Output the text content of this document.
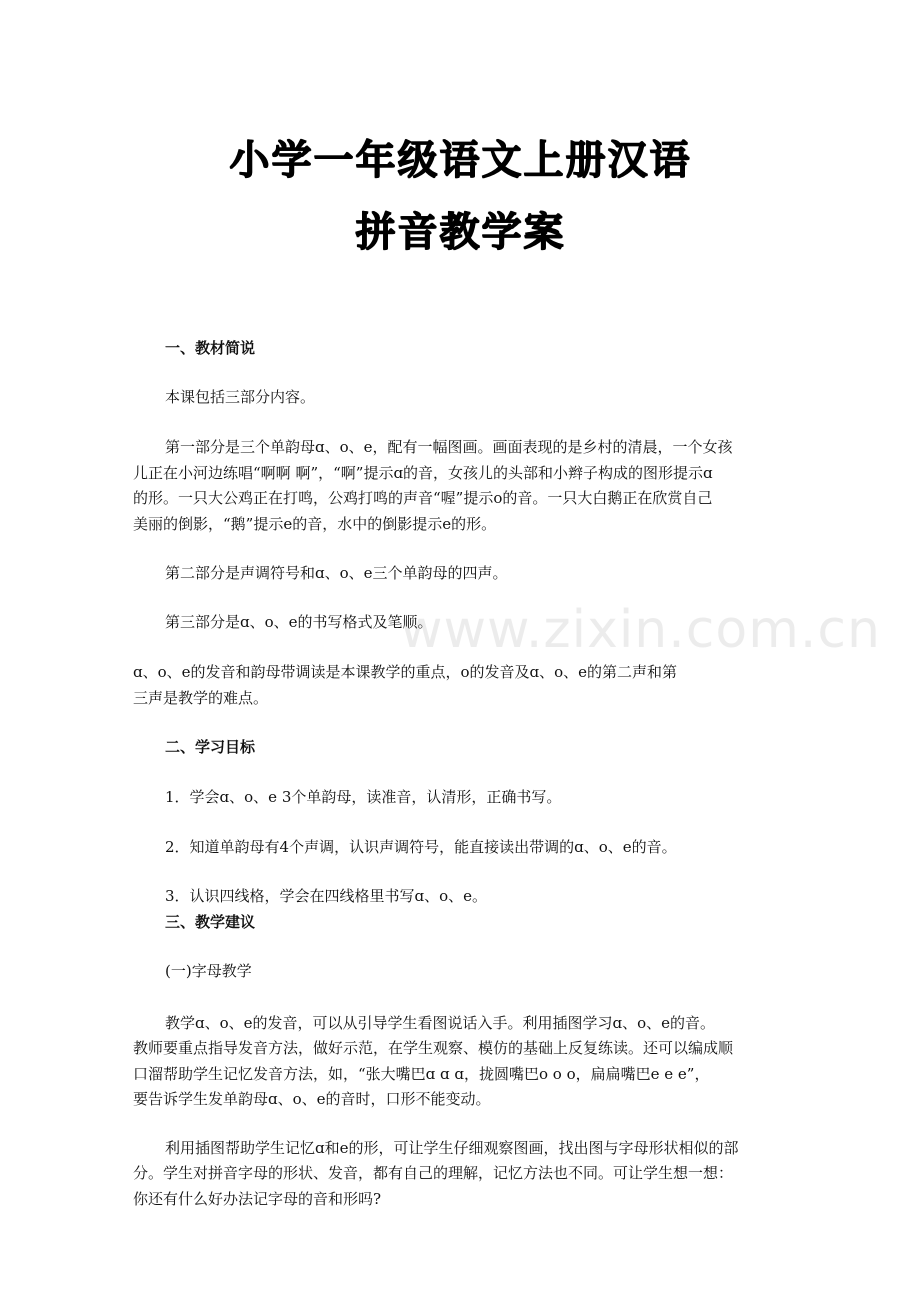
小学一年级语文上册汉语
拼音教学案
www.zixin.com.cn

一、教材简说

本课包括三部分内容。

第一部分是三个单韵母ɑ、o、e，配有一幅图画。画面表现的是乡村的清晨，一个女孩

儿正在小河边练唱“啊啊 啊”，“啊”提示ɑ的音，女孩儿的头部和小辫子构成的图形提示ɑ

的形。一只大公鸡正在打鸣，公鸡打鸣的声音“喔”提示o的音。一只大白鹅正在欣赏自己

美丽的倒影，“鹅”提示e的音，水中的倒影提示e的形。

第二部分是声调符号和ɑ、o、e三个单韵母的四声。

第三部分是ɑ、o、e的书写格式及笔顺。

ɑ、o、e的发音和韵母带调读是本课教学的重点，o的发音及ɑ、o、e的第二声和第

三声是教学的难点。

二、学习目标

1．学会ɑ、o、e 3个单韵母，读准音，认清形，正确书写。

2．知道单韵母有4个声调，认识声调符号，能直接读出带调的ɑ、o、e的音。

3．认识四线格，学会在四线格里书写ɑ、o、e。

三、教学建议

(一)字母教学

教学ɑ、o、e的发音，可以从引导学生看图说话入手。利用插图学习ɑ、o、e的音。

教师要重点指导发音方法，做好示范，在学生观察、模仿的基础上反复练读。还可以编成顺

口溜帮助学生记忆发音方法，如，“张大嘴巴ɑ ɑ ɑ，拢圆嘴巴o o o，扁扁嘴巴e e e”，

要告诉学生发单韵母ɑ、o、e的音时，口形不能变动。

利用插图帮助学生记忆ɑ和e的形，可让学生仔细观察图画，找出图与字母形状相似的部

分。学生对拼音字母的形状、发音，都有自己的理解，记忆方法也不同。可让学生想一想：

你还有什么好办法记字母的音和形吗?
